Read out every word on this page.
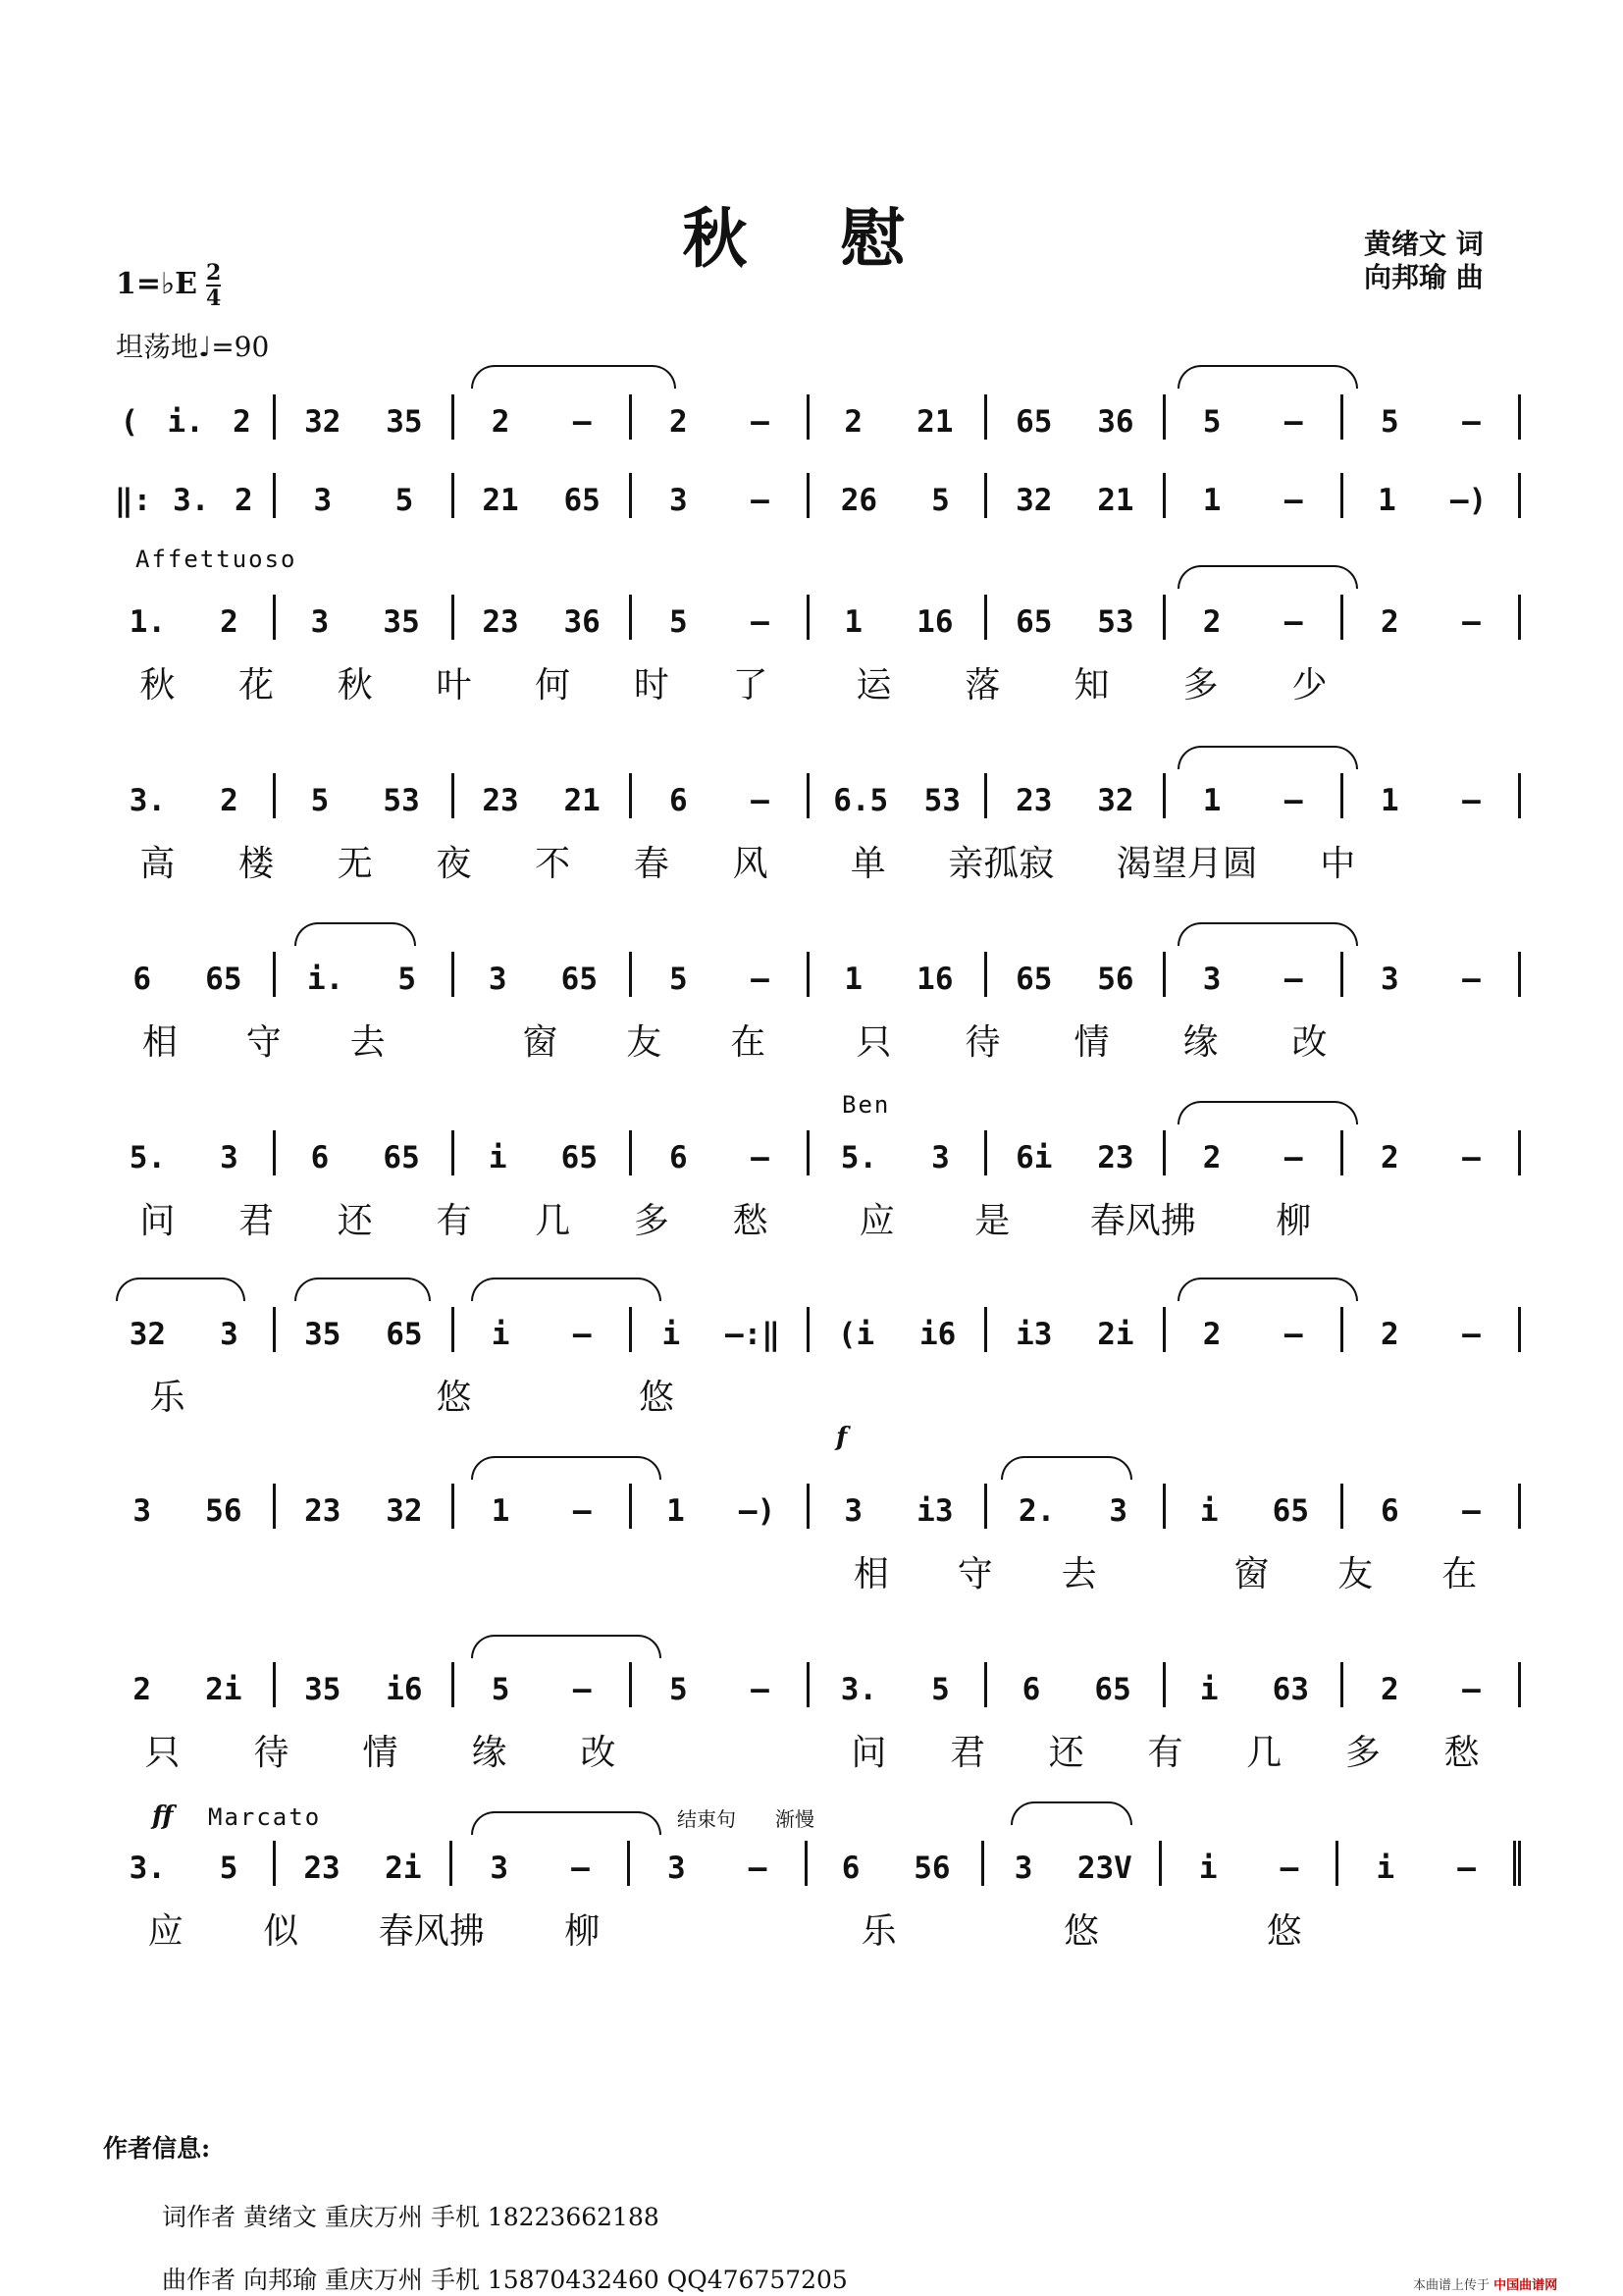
秋 慰	黄绪文 词
向邦瑜 曲
1=♭E $\frac{2}{4}$
坦荡地♩=90
Affettuoso
Ben
f
ff Marcato	结束句 渐慢
( i. 2 32 35 2 –	2 – 2 21 65 36 5 –	5 –
‖: 3. 2 3 5 21 65 3 – 26 5 32 21 1 – 1 –)
1. 2 3 35 23 36 5 – 1 16 65 53 2 –	2 –
秋 花 秋 叶 何 时 了 运 落 知 多 少
3. 2 5 53 23 21 6 – 6.5 53 23 32 1 –	1 –
高 楼 无 夜 不 春 风 单 亲孤寂 渴望月圆 中
6 65 i. 5 3 65 5 – 1 16 65 56 3 –	3 –
相 守 去	窗 友 在	只 待 情 缘 改
5. 3 6 65 i 65 6 – 5. 3 6i 23 2 –	2 –
问 君 还 有 几 多 愁	应 是 春风拂 柳
32 3 35 65 i – i –:‖ (i i6 i3 2i 2 –	2 –
乐	悠	悠
3 56 23 32 1 – 1 –) 3 i3 2. 3 i 65 6 –
相 守 去	窗 友 在
2 2i 35 i6 5 –	5 – 3. 5 6 65 i 63 2 –
只 待 情 缘 改	问 君 还 有 几 多 愁
3. 5 23 2i 3 –	3 – 6 56 3 23V i –	i –
应 似 春风拂 柳	乐	悠	悠
作者信息:
词作者 黄绪文 重庆万州 手机 18223662188
曲作者 向邦瑜 重庆万州 手机 15870432460 QQ476757205	本曲谱上传于 中国曲谱网
